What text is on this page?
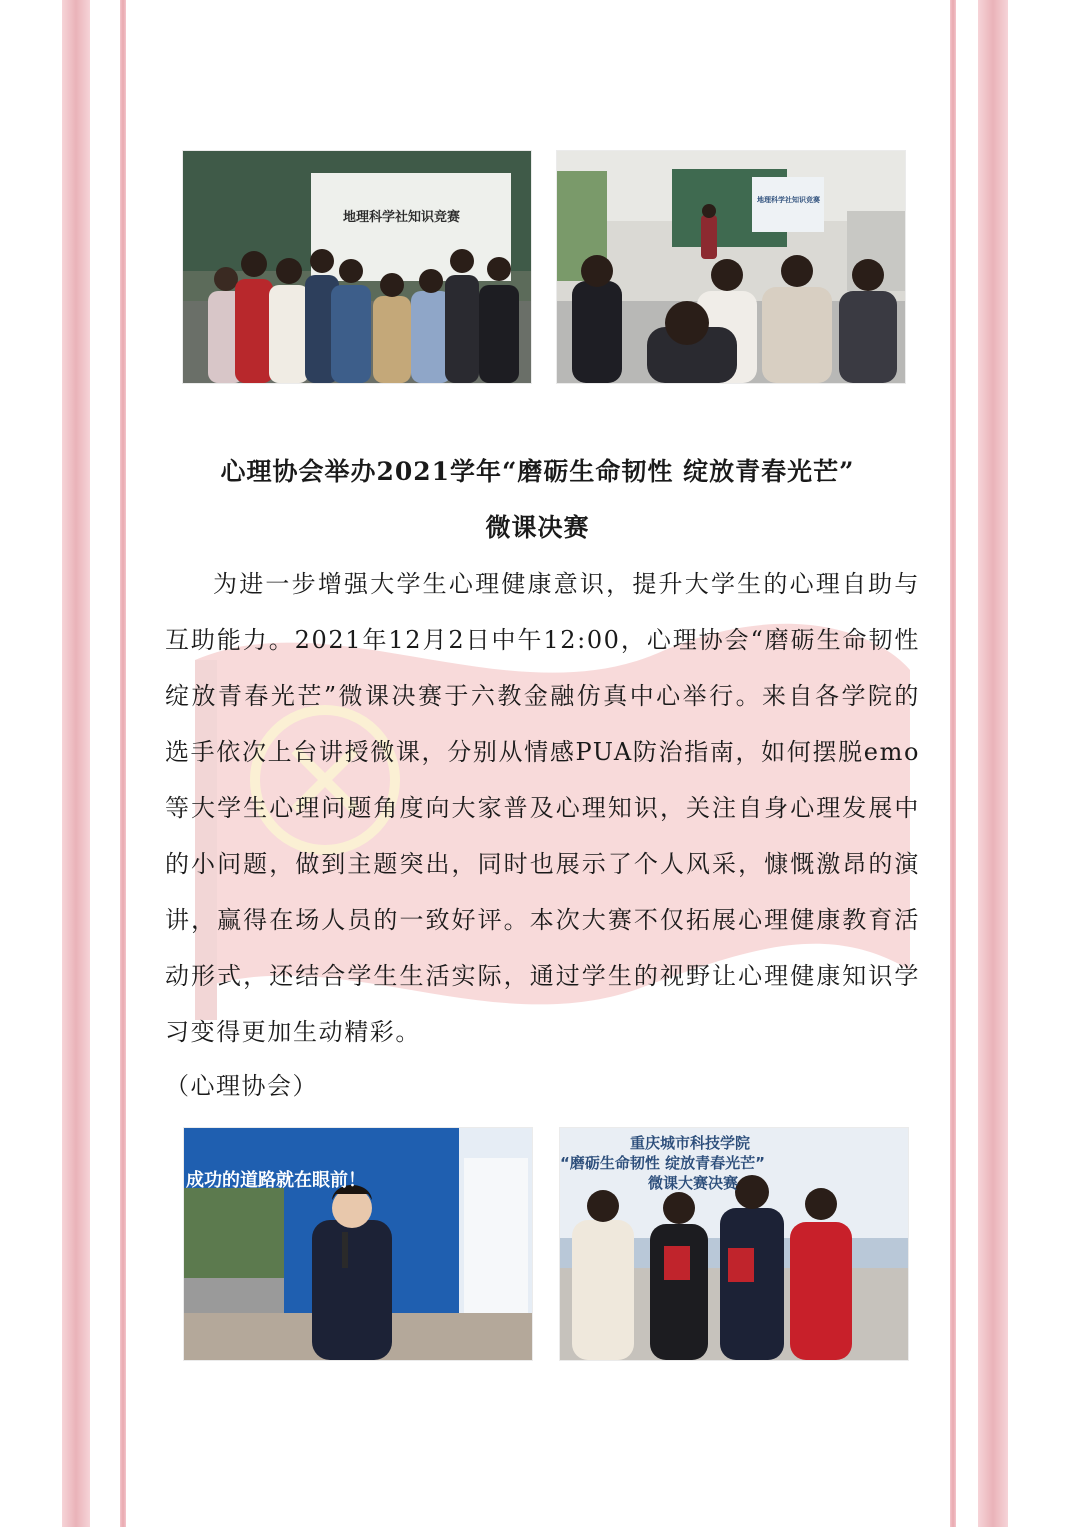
地理科学社知识竞赛
地理科学社知识竞赛
心理协会举办2021学年“磨砺生命韧性 绽放青春光芒”
微课决赛
为进一步增强大学生心理健康意识，提升大学生的心理自助与互助能力。2021年12月2日中午12:00，心理协会“磨砺生命韧性 绽放青春光芒”微课决赛于六教金融仿真中心举行。来自各学院的选手依次上台讲授微课，分别从情感PUA防治指南，如何摆脱emo等大学生心理问题角度向大家普及心理知识，关注自身心理发展中的小问题，做到主题突出，同时也展示了个人风采，慷慨激昂的演讲，赢得在场人员的一致好评。本次大赛不仅拓展心理健康教育活动形式，还结合学生生活实际，通过学生的视野让心理健康知识学习变得更加生动精彩。
（心理协会）
成功的道路就在眼前！
重庆城市科技学院
“磨砺生命韧性 绽放青春光芒”
微课大赛决赛
